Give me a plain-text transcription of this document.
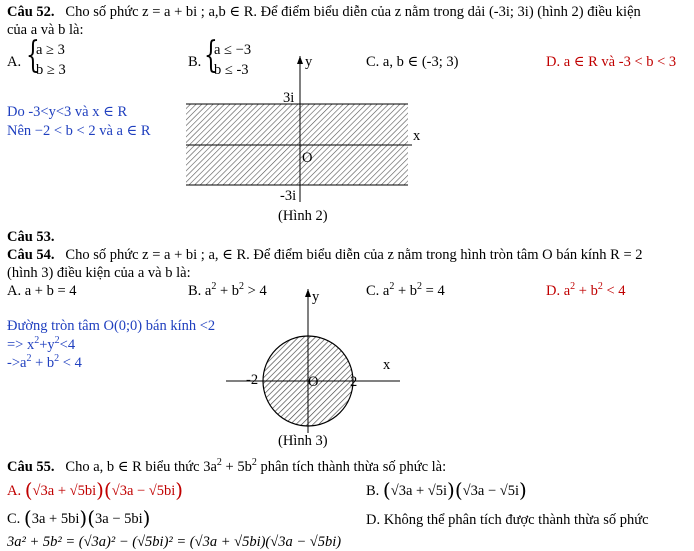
Câu 52. Cho số phức z = a + bi ; a,b ∈ R. Để điểm biểu diễn của z nằm trong dải (-3i; 3i) (hình 2) điều kiện
của a và b là:
A. {
a ≥ 3
b ≥ 3	B. {
a ≤ −3
b ≤ -3	C. a, b ∈ (-3; 3)	D. a ∈ R và -3 < b < 3
Do -3<y<3 và x ∈ R
Nên −2 < b < 2 và a ∈ R
y
x
O
3i
-3i
(Hình 2)
Câu 53.
Câu 54. Cho số phức z = a + bi ; a, ∈ R. Để điểm biểu diễn của z nằm trong hình tròn tâm O bán kính R = 2
(hình 3) điều kiện của a và b là:
A. a + b = 4	B. $a^2 + b^2 > 4$	C. $a^2 + b^2 = 4$	D. $a^2 + b^2 < 4$
Đường tròn tâm O(0;0) bán kính <2
=> $x^2+y^2<4$
$->a^2 + b^2 < 4$
y
x
O
-2	2
(Hình 3)
Câu 55. Cho a, b ∈ R biểu thức $3a^2 + 5b^2$ phân tích thành thừa số phức là:
A. (√3a + √5bi)(√3a − √5bi)	B. (√3a + √5i)(√3a − √5i)
C. (3a + 5bi)(3a − 5bi)	D. Không thể phân tích được thành thừa số phức
3a² + 5b² = (√3a)² − (√5bi)² = (√3a + √5bi)(√3a − √5bi)
